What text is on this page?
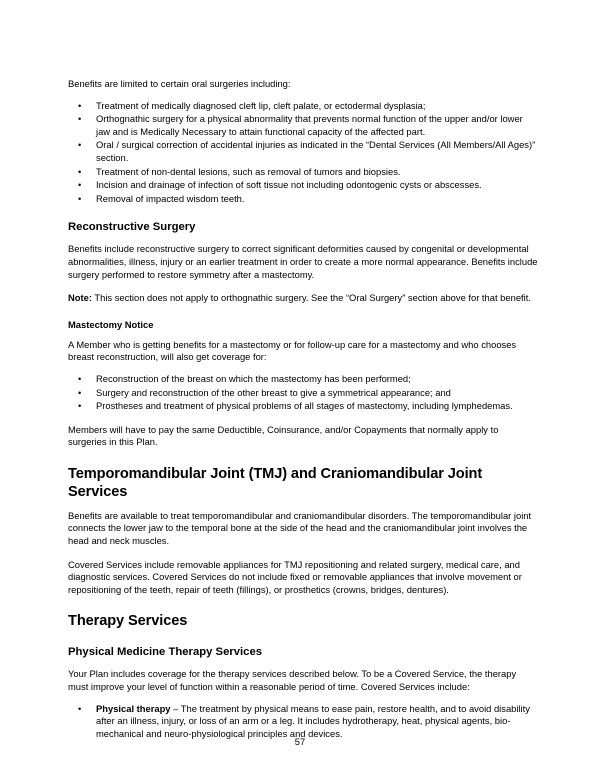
Benefits are limited to certain oral surgeries including:

• Treatment of medically diagnosed cleft lip, cleft palate, or ectodermal dysplasia;
• Orthognathic surgery for a physical abnormality that prevents normal function of the upper and/or lower jaw and is Medically Necessary to attain functional capacity of the affected part.
• Oral / surgical correction of accidental injuries as indicated in the “Dental Services (All Members/All Ages)” section.
• Treatment of non-dental lesions, such as removal of tumors and biopsies.
• Incision and drainage of infection of soft tissue not including odontogenic cysts or abscesses.
• Removal of impacted wisdom teeth.
Reconstructive Surgery

Benefits include reconstructive surgery to correct significant deformities caused by congenital or developmental abnormalities, illness, injury or an earlier treatment in order to create a more normal appearance. Benefits include surgery performed to restore symmetry after a mastectomy.

Note: This section does not apply to orthognathic surgery. See the “Oral Surgery” section above for that benefit.

Mastectomy Notice

A Member who is getting benefits for a mastectomy or for follow-up care for a mastectomy and who chooses breast reconstruction, will also get coverage for:

• Reconstruction of the breast on which the mastectomy has been performed;
• Surgery and reconstruction of the other breast to give a symmetrical appearance; and
• Prostheses and treatment of physical problems of all stages of mastectomy, including lymphedemas.

Members will have to pay the same Deductible, Coinsurance, and/or Copayments that normally apply to surgeries in this Plan.

Temporomandibular Joint (TMJ) and Craniomandibular Joint Services

Benefits are available to treat temporomandibular and craniomandibular disorders. The temporomandibular joint connects the lower jaw to the temporal bone at the side of the head and the craniomandibular joint involves the head and neck muscles.

Covered Services include removable appliances for TMJ repositioning and related surgery, medical care, and diagnostic services. Covered Services do not include fixed or removable appliances that involve movement or repositioning of the teeth, repair of teeth (fillings), or prosthetics (crowns, bridges, dentures).

Therapy Services
Physical Medicine Therapy Services

Your Plan includes coverage for the therapy services described below. To be a Covered Service, the therapy must improve your level of function within a reasonable period of time. Covered Services include:

• Physical therapy – The treatment by physical means to ease pain, restore health, and to avoid disability after an illness, injury, or loss of an arm or a leg. It includes hydrotherapy, heat, physical agents, bio-mechanical and neuro-physiological principles and devices.
57
